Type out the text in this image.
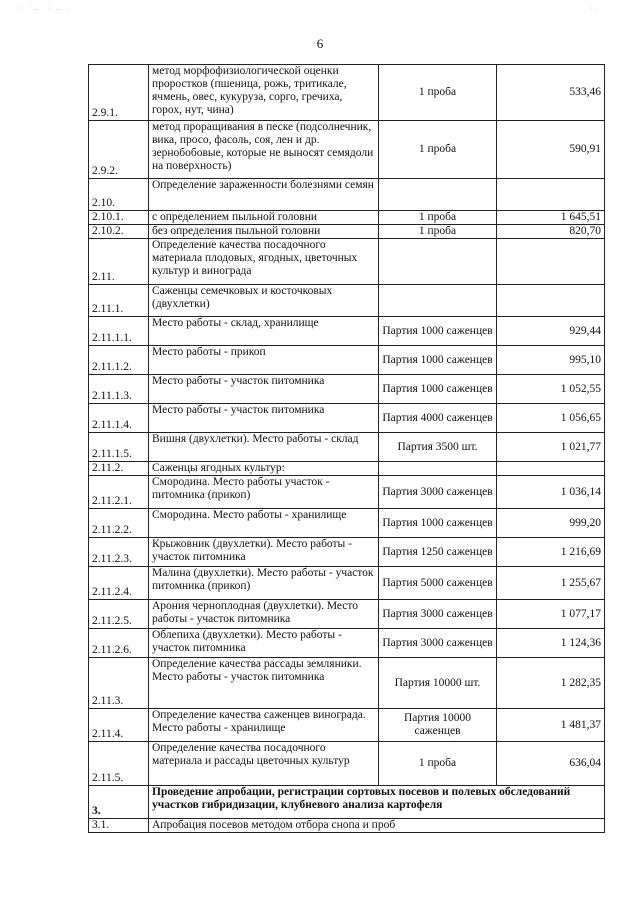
· ·– ·· – ·	·· ·
6
2.9.1.	метод морфофизиологической оценки проростков (пшеница, рожь, тритикале, ячмень, овес, кукуруза, сорго, гречиха, горох, нут, чина)	1 проба	533,46
2.9.2.	метод проращивания в песке (подсолнечник, вика, просо, фасоль, соя, лен и др. зернобобовые, которые не выносят семядоли на поверхность)	1 проба	590,91
2.10.	Определение зараженности болезнями семян		
2.10.1.	с определением пыльной головни	1 проба	1 645,51
2.10.2.	без определения пыльной головни	1 проба	820,70
2.11.	Определение качества посадочного материала плодовых, ягодных, цветочных культур и винограда		
2.11.1.	Саженцы семечковых и косточковых (двухлетки)		
2.11.1.1.	Место работы - склад, хранилище	Партия 1000 саженцев	929,44
2.11.1.2.	Место работы - прикоп	Партия 1000 саженцев	995,10
2.11.1.3.	Место работы - участок питомника	Партия 1000 саженцев	1 052,55
2.11.1.4.	Место работы - участок питомника	Партия 4000 саженцев	1 056,65
2.11.1.5.	Вишня (двухлетки). Место работы - склад	Партия 3500 шт.	1 021,77
2.11.2.	Саженцы ягодных культур:		
2.11.2.1.	Смородина. Место работы участок - питомника (прикоп)	Партия 3000 саженцев	1 036,14
2.11.2.2.	Смородина. Место работы - хранилище	Партия 1000 саженцев	999,20
2.11.2.3.	Крыжовник (двухлетки). Место работы - участок питомника	Партия 1250 саженцев	1 216,69
2.11.2.4.	Малина (двухлетки). Место работы - участок питомника (прикоп)	Партия 5000 саженцев	1 255,67
2.11.2.5.	Арония черноплодная (двухлетки). Место работы - участок питомника	Партия 3000 саженцев	1 077,17
2.11.2.6.	Облепиха (двухлетки). Место работы - участок питомника	Партия 3000 саженцев	1 124,36
2.11.3.	Определение качества рассады земляники. Место работы - участок питомника	Партия 10000 шт.	1 282,35
2.11.4.	Определение качества саженцев винограда. Место работы - хранилище	Партия 10000 саженцев	1 481,37
2.11.5.	Определение качества посадочного материала и рассады цветочных культур	1 проба	636,04
3.	Проведение апробации, регистрации сортовых посевов и полевых обследований участков гибридизации, клубневого анализа картофеля		
3.1.	Апробация посевов методом отбора снопа и проб		
